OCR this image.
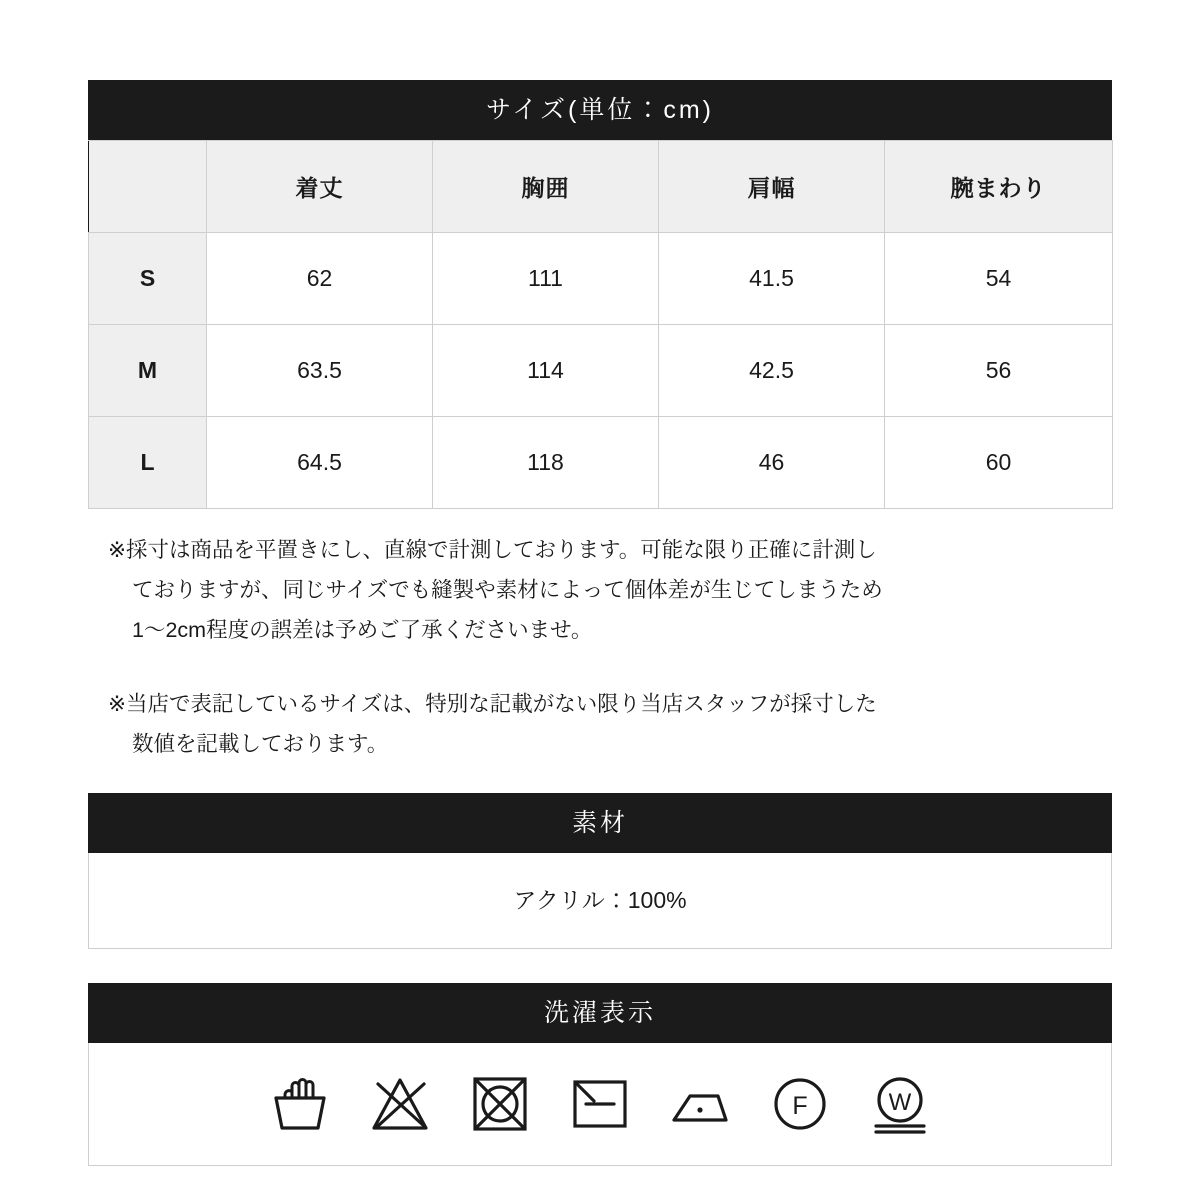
サイズ(単位：cm)
	着丈	胸囲	肩幅	腕まわり
S	62	111	41.5	54
M	63.5	114	42.5	56
L	64.5	118	46	60
※採寸は商品を平置きにし、直線で計測しております。可能な限り正確に計測し
ておりますが、同じサイズでも縫製や素材によって個体差が生じてしまうため
1〜2cm程度の誤差は予めご了承くださいませ。
※当店で表記しているサイズは、特別な記載がない限り当店スタッフが採寸した
数値を記載しております。
素材
アクリル：100%
洗濯表示
F	W
